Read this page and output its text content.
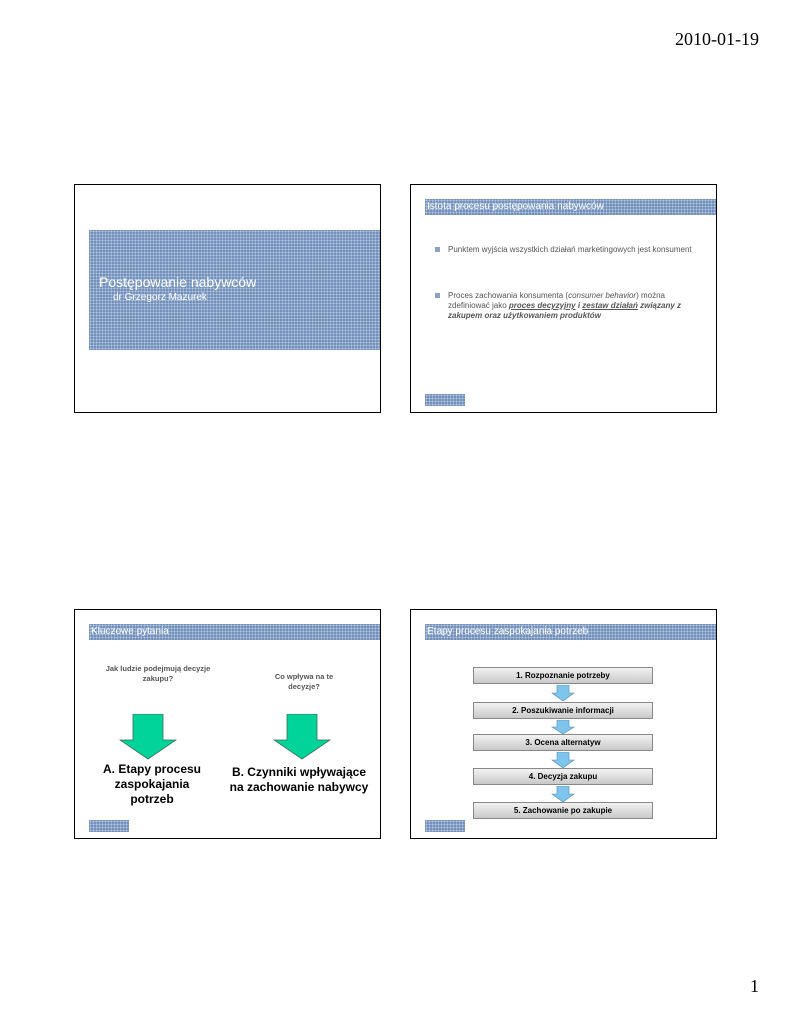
2010-01-19
Postępowanie nabywców
dr Grzegorz Mazurek
Istota procesu postępowania nabywców
Punktem wyjścia wszystkich działań marketingowych jest konsument
Proces zachowania konsumenta (consumer behavior) można zdefiniować jako proces decyzyjny i zestaw działań związany z zakupem oraz użytkowaniem produktów
Kluczowe pytania
Jak ludzie podejmują decyzje zakupu?	Co wpływa na te decyzje?
A. Etapy procesu zaspokajania potrzeb
B. Czynniki wpływające na zachowanie nabywcy
Etapy procesu zaspokajania potrzeb
1. Rozpoznanie potrzeby
2. Poszukiwanie informacji
3. Ocena alternatyw
4. Decyzja zakupu
5. Zachowanie po zakupie
1
